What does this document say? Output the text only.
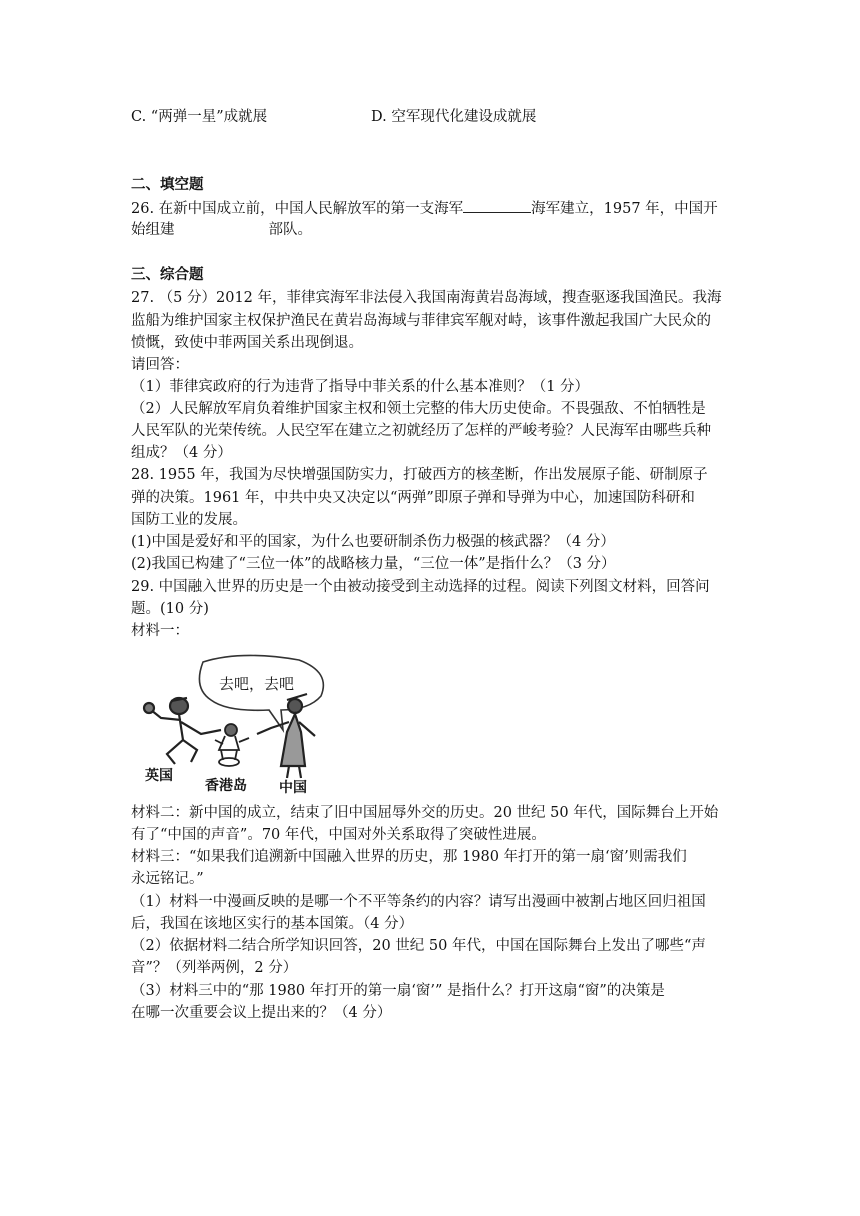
C. “两弹一星”成就展	D. 空军现代化建设成就展
二、填空题
26. 在新中国成立前，中国人民解放军的第一支海军	海军建立，1957 年，中国开
始组建	部队。
三、综合题
27. （5 分）2012 年，菲律宾海军非法侵入我国南海黄岩岛海域，搜查驱逐我国渔民。我海
监船为维护国家主权保护渔民在黄岩岛海域与菲律宾军舰对峙，该事件激起我国广大民众的
愤慨，致使中菲两国关系出现倒退。
请回答：
（1）菲律宾政府的行为违背了指导中菲关系的什么基本准则？（1 分）
（2）人民解放军肩负着维护国家主权和领土完整的伟大历史使命。不畏强敌、不怕牺牲是
人民军队的光荣传统。人民空军在建立之初就经历了怎样的严峻考验？人民海军由哪些兵种
组成？（4 分）
28. 1955 年，我国为尽快增强国防实力，打破西方的核垄断，作出发展原子能、研制原子
弹的决策。1961 年，中共中央又决定以“两弹”即原子弹和导弹为中心，加速国防科研和
国防工业的发展。
(1)中国是爱好和平的国家，为什么也要研制杀伤力极强的核武器？（4 分）
(2)我国已构建了“三位一体”的战略核力量，“三位一体”是指什么？（3 分）
29. 中国融入世界的历史是一个由被动接受到主动选择的过程。阅读下列图文材料，回答问
题。(10 分)
材料一：
去吧，去吧
英国
香港岛 中国
材料二：新中国的成立，结束了旧中国屈辱外交的历史。20 世纪 50 年代，国际舞台上开始
有了“中国的声音”。70 年代，中国对外关系取得了突破性进展。
材料三：“如果我们追溯新中国融入世界的历史，那 1980 年打开的第一扇‘窗’则需我们
永远铭记。”
（1）材料一中漫画反映的是哪一个不平等条约的内容？请写出漫画中被割占地区回归祖国
后，我国在该地区实行的基本国策。（4 分）
（2）依据材料二结合所学知识回答，20 世纪 50 年代，中国在国际舞台上发出了哪些“声
音”？（列举两例，2 分）
（3）材料三中的“那 1980 年打开的第一扇‘窗’” 是指什么？打开这扇“窗”的决策是
在哪一次重要会议上提出来的？（4 分）
